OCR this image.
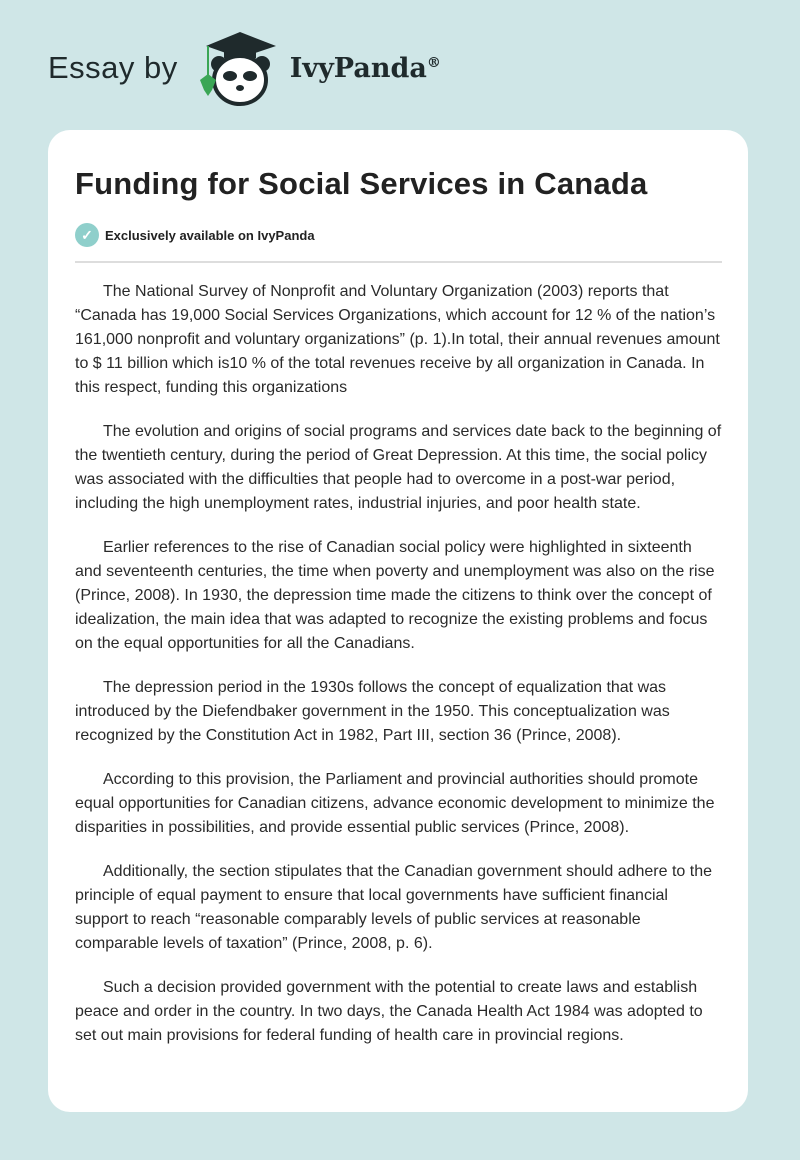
Essay by	IvyPanda®
Funding for Social Services in Canada
✓ Exclusively available on IvyPanda

The National Survey of Nonprofit and Voluntary Organization (2003) reports that “Canada has 19,000 Social Services Organizations, which account for 12 % of the nation’s 161,000 nonprofit and voluntary organizations” (p. 1).In total, their annual revenues amount to $ 11 billion which is10 % of the total revenues receive by all organization in Canada. In this respect, funding this organizations

The evolution and origins of social programs and services date back to the beginning of the twentieth century, during the period of Great Depression. At this time, the social policy was associated with the difficulties that people had to overcome in a post-war period, including the high unemployment rates, industrial injuries, and poor health state.

Earlier references to the rise of Canadian social policy were highlighted in sixteenth and seventeenth centuries, the time when poverty and unemployment was also on the rise (Prince, 2008). In 1930, the depression time made the citizens to think over the concept of idealization, the main idea that was adapted to recognize the existing problems and focus on the equal opportunities for all the Canadians.

The depression period in the 1930s follows the concept of equalization that was introduced by the Diefendbaker government in the 1950. This conceptualization was recognized by the Constitution Act in 1982, Part III, section 36 (Prince, 2008).

According to this provision, the Parliament and provincial authorities should promote equal opportunities for Canadian citizens, advance economic development to minimize the disparities in possibilities, and provide essential public services (Prince, 2008).

Additionally, the section stipulates that the Canadian government should adhere to the principle of equal payment to ensure that local governments have sufficient financial support to reach “reasonable comparably levels of public services at reasonable comparable levels of taxation” (Prince, 2008, p. 6).

Such a decision provided government with the potential to create laws and establish peace and order in the country. In two days, the Canada Health Act 1984 was adopted to set out main provisions for federal funding of health care in provincial regions.
